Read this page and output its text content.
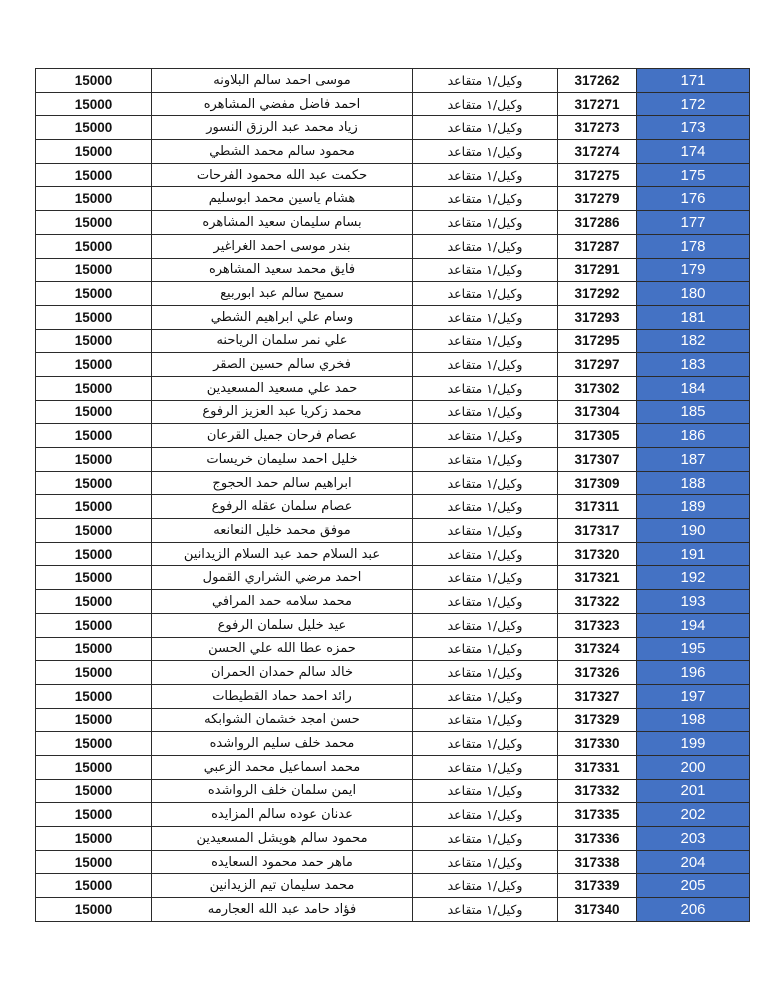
15000	موسى احمد سالم البلاونه	وكيل/١ متقاعد	317262	171
15000	احمد فاضل مفضي المشاهره	وكيل/١ متقاعد	317271	172
15000	زياد محمد عبد الرزق النسور	وكيل/١ متقاعد	317273	173
15000	محمود سالم محمد الشطي	وكيل/١ متقاعد	317274	174
15000	حكمت عبد الله محمود الفرحات	وكيل/١ متقاعد	317275	175
15000	هشام ياسين محمد ابوسليم	وكيل/١ متقاعد	317279	176
15000	بسام سليمان سعيد المشاهره	وكيل/١ متقاعد	317286	177
15000	بندر موسى احمد الغراغير	وكيل/١ متقاعد	317287	178
15000	فايق محمد سعيد المشاهره	وكيل/١ متقاعد	317291	179
15000	سميح سالم عبد ابوربيع	وكيل/١ متقاعد	317292	180
15000	وسام علي ابراهيم الشطي	وكيل/١ متقاعد	317293	181
15000	علي نمر سلمان الرياحنه	وكيل/١ متقاعد	317295	182
15000	فخري سالم حسين الصقر	وكيل/١ متقاعد	317297	183
15000	حمد علي مسعيد المسعيدين	وكيل/١ متقاعد	317302	184
15000	محمد زكريا عبد العزيز الرفوع	وكيل/١ متقاعد	317304	185
15000	عصام فرحان جميل القرعان	وكيل/١ متقاعد	317305	186
15000	خليل احمد سليمان خريسات	وكيل/١ متقاعد	317307	187
15000	ابراهيم سالم حمد الحجوج	وكيل/١ متقاعد	317309	188
15000	عصام سلمان عقله الرفوع	وكيل/١ متقاعد	317311	189
15000	موفق محمد خليل النعانعه	وكيل/١ متقاعد	317317	190
15000	عبد السلام حمد عبد السلام الزيدانين	وكيل/١ متقاعد	317320	191
15000	احمد مرضي الشراري القمول	وكيل/١ متقاعد	317321	192
15000	محمد سلامه حمد المرافي	وكيل/١ متقاعد	317322	193
15000	عيد خليل سلمان الرفوع	وكيل/١ متقاعد	317323	194
15000	حمزه عطا الله علي الحسن	وكيل/١ متقاعد	317324	195
15000	خالد سالم حمدان الحمران	وكيل/١ متقاعد	317326	196
15000	رائد احمد حماد القطيطات	وكيل/١ متقاعد	317327	197
15000	حسن امجد خشمان الشوابكه	وكيل/١ متقاعد	317329	198
15000	محمد خلف سليم الرواشده	وكيل/١ متقاعد	317330	199
15000	محمد اسماعيل محمد الزعبي	وكيل/١ متقاعد	317331	200
15000	ايمن سلمان خلف الرواشده	وكيل/١ متقاعد	317332	201
15000	عدنان عوده سالم المزايده	وكيل/١ متقاعد	317335	202
15000	محمود سالم هويشل المسعيدين	وكيل/١ متقاعد	317336	203
15000	ماهر حمد محمود السعايده	وكيل/١ متقاعد	317338	204
15000	محمد سليمان تيم الزيدانين	وكيل/١ متقاعد	317339	205
15000	فؤاد حامد عبد الله العجارمه	وكيل/١ متقاعد	317340	206
